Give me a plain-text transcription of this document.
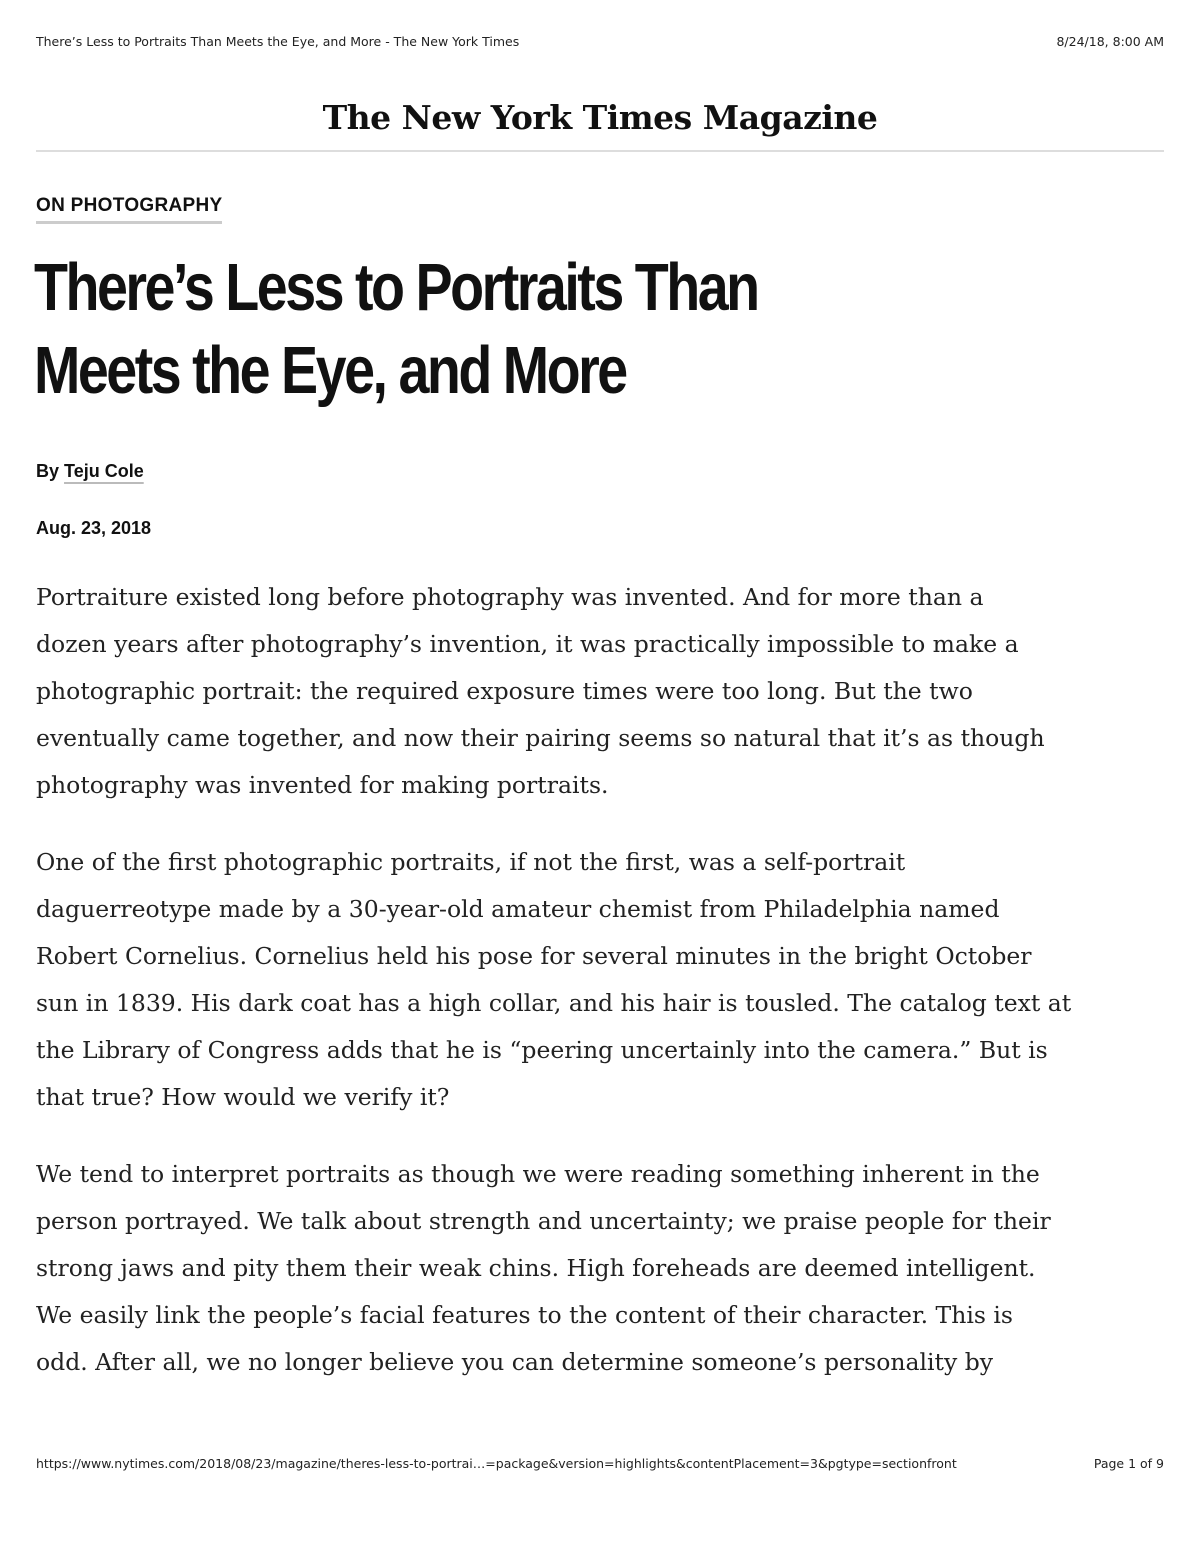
There’s Less to Portraits Than Meets the Eye, and More - The New York Times	8/24/18, 8:00 AM
The New York Times Magazine
ON PHOTOGRAPHY
There’s Less to Portraits Than
Meets the Eye, and More
By Teju Cole
Aug. 23, 2018

Portraiture existed long before photography was invented. And for more than a
dozen years after photography’s invention, it was practically impossible to make a
photographic portrait: the required exposure times were too long. But the two
eventually came together, and now their pairing seems so natural that it’s as though
photography was invented for making portraits.

One of the first photographic portraits, if not the first, was a self-portrait
daguerreotype made by a 30-year-old amateur chemist from Philadelphia named
Robert Cornelius. Cornelius held his pose for several minutes in the bright October
sun in 1839. His dark coat has a high collar, and his hair is tousled. The catalog text at
the Library of Congress adds that he is “peering uncertainly into the camera.” But is
that true? How would we verify it?

We tend to interpret portraits as though we were reading something inherent in the
person portrayed. We talk about strength and uncertainty; we praise people for their
strong jaws and pity them their weak chins. High foreheads are deemed intelligent.
We easily link the people’s facial features to the content of their character. This is
odd. After all, we no longer believe you can determine someone’s personality by

https://www.nytimes.com/2018/08/23/magazine/theres-less-to-portrai…=package&version=highlights&contentPlacement=3&pgtype=sectionfront	Page 1 of 9
